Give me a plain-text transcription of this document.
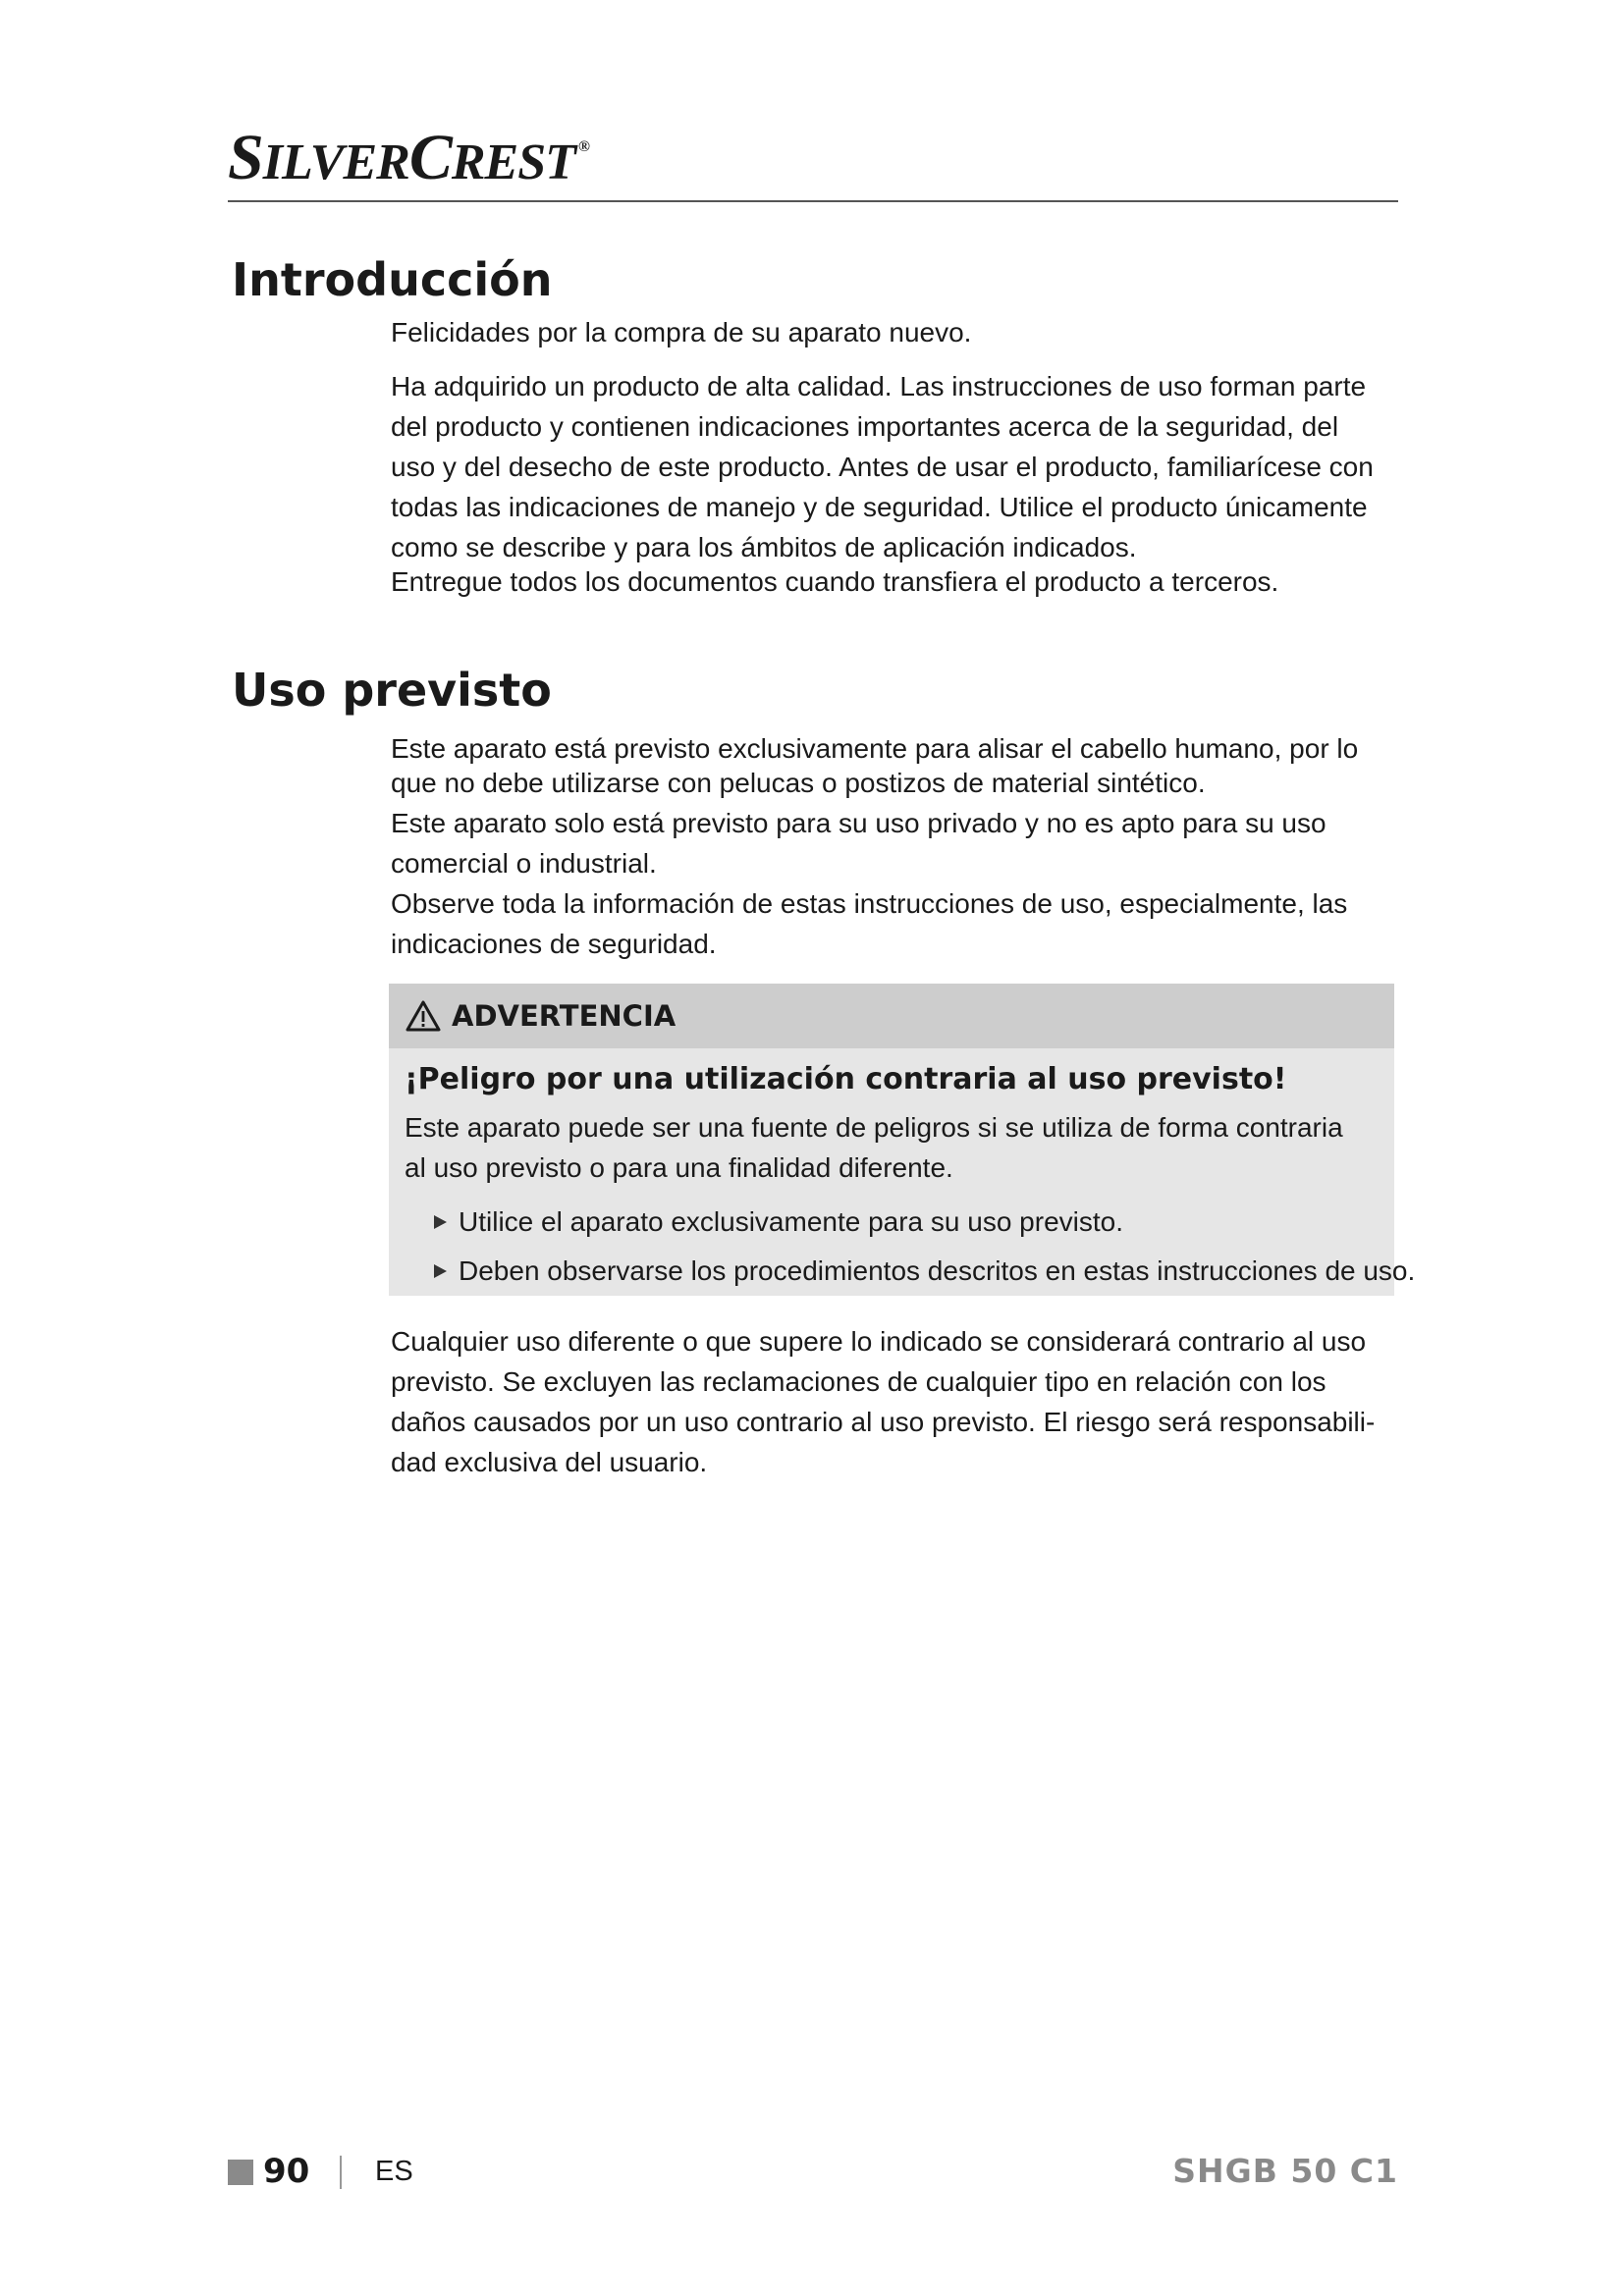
SILVERCREST ®
Introducción

Felicidades por la compra de su aparato nuevo.

Ha adquirido un producto de alta calidad. Las instrucciones de uso forman parte

del producto y contienen indicaciones importantes acerca de la seguridad, del

uso y del desecho de este producto. Antes de usar el producto, familiarícese con

todas las indicaciones de manejo y de seguridad. Utilice el producto únicamente

como se describe y para los ámbitos de aplicación indicados.

Entregue todos los documentos cuando transfiera el producto a terceros.

Uso previsto

Este aparato está previsto exclusivamente para alisar el cabello humano, por lo

que no debe utilizarse con pelucas o postizos de material sintético.

Este aparato solo está previsto para su uso privado y no es apto para su uso

comercial o industrial.

Observe toda la información de estas instrucciones de uso, especialmente, las

indicaciones de seguridad.

ADVERTENCIA
¡Peligro por una utilización contraria al uso previsto!

Este aparato puede ser una fuente de peligros si se utiliza de forma contraria

al uso previsto o para una finalidad diferente.

Utilice el aparato exclusivamente para su uso previsto.
Deben observarse los procedimientos descritos en estas instrucciones de uso.

Cualquier uso diferente o que supere lo indicado se considerará contrario al uso

previsto. Se excluyen las reclamaciones de cualquier tipo en relación con los

daños causados por un uso contrario al uso previsto. El riesgo será responsabili-

dad exclusiva del usuario.

90 ES	SHGB 50 C1
